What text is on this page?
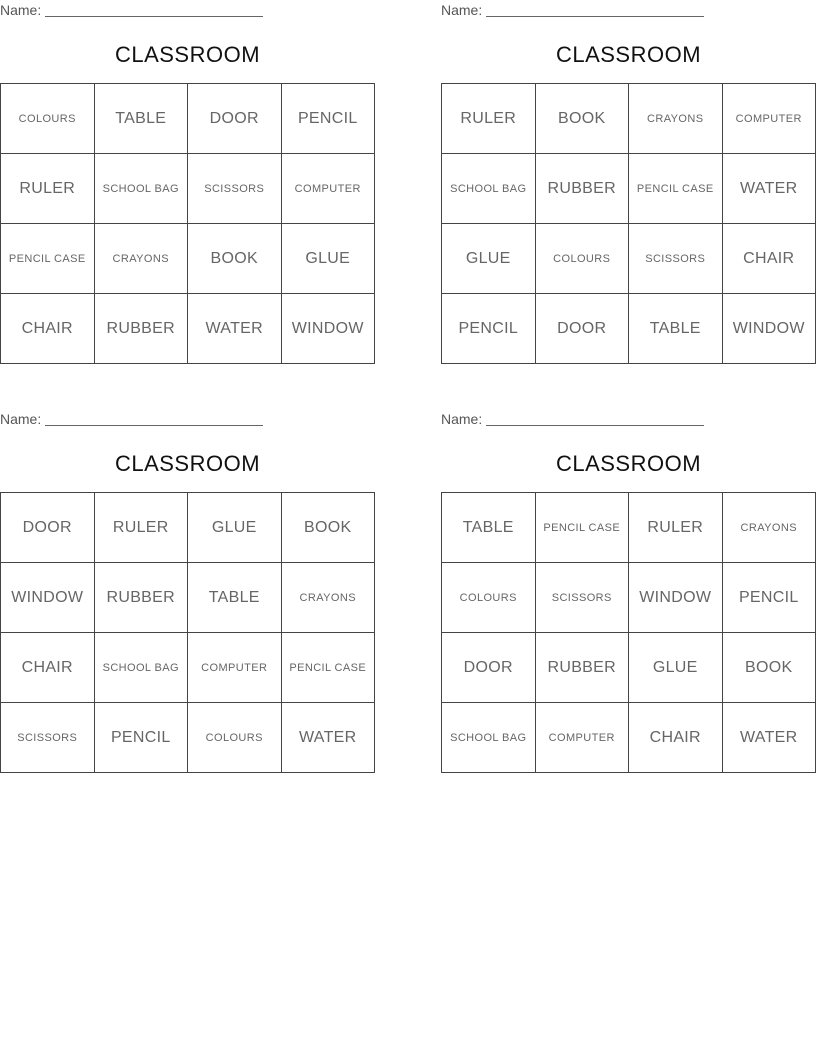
Name:
CLASSROOM
COLOURS	TABLE	DOOR	PENCIL
RULER	SCHOOL BAG	SCISSORS	COMPUTER
PENCIL CASE	CRAYONS	BOOK	GLUE
CHAIR	RUBBER	WATER	WINDOW
Name:
CLASSROOM
RULER	BOOK	CRAYONS	COMPUTER
SCHOOL BAG	RUBBER	PENCIL CASE	WATER
GLUE	COLOURS	SCISSORS	CHAIR
PENCIL	DOOR	TABLE	WINDOW
Name:
CLASSROOM
DOOR	RULER	GLUE	BOOK
WINDOW	RUBBER	TABLE	CRAYONS
CHAIR	SCHOOL BAG	COMPUTER	PENCIL CASE
SCISSORS	PENCIL	COLOURS	WATER
Name:
CLASSROOM
TABLE	PENCIL CASE	RULER	CRAYONS
COLOURS	SCISSORS	WINDOW	PENCIL
DOOR	RUBBER	GLUE	BOOK
SCHOOL BAG	COMPUTER	CHAIR	WATER
